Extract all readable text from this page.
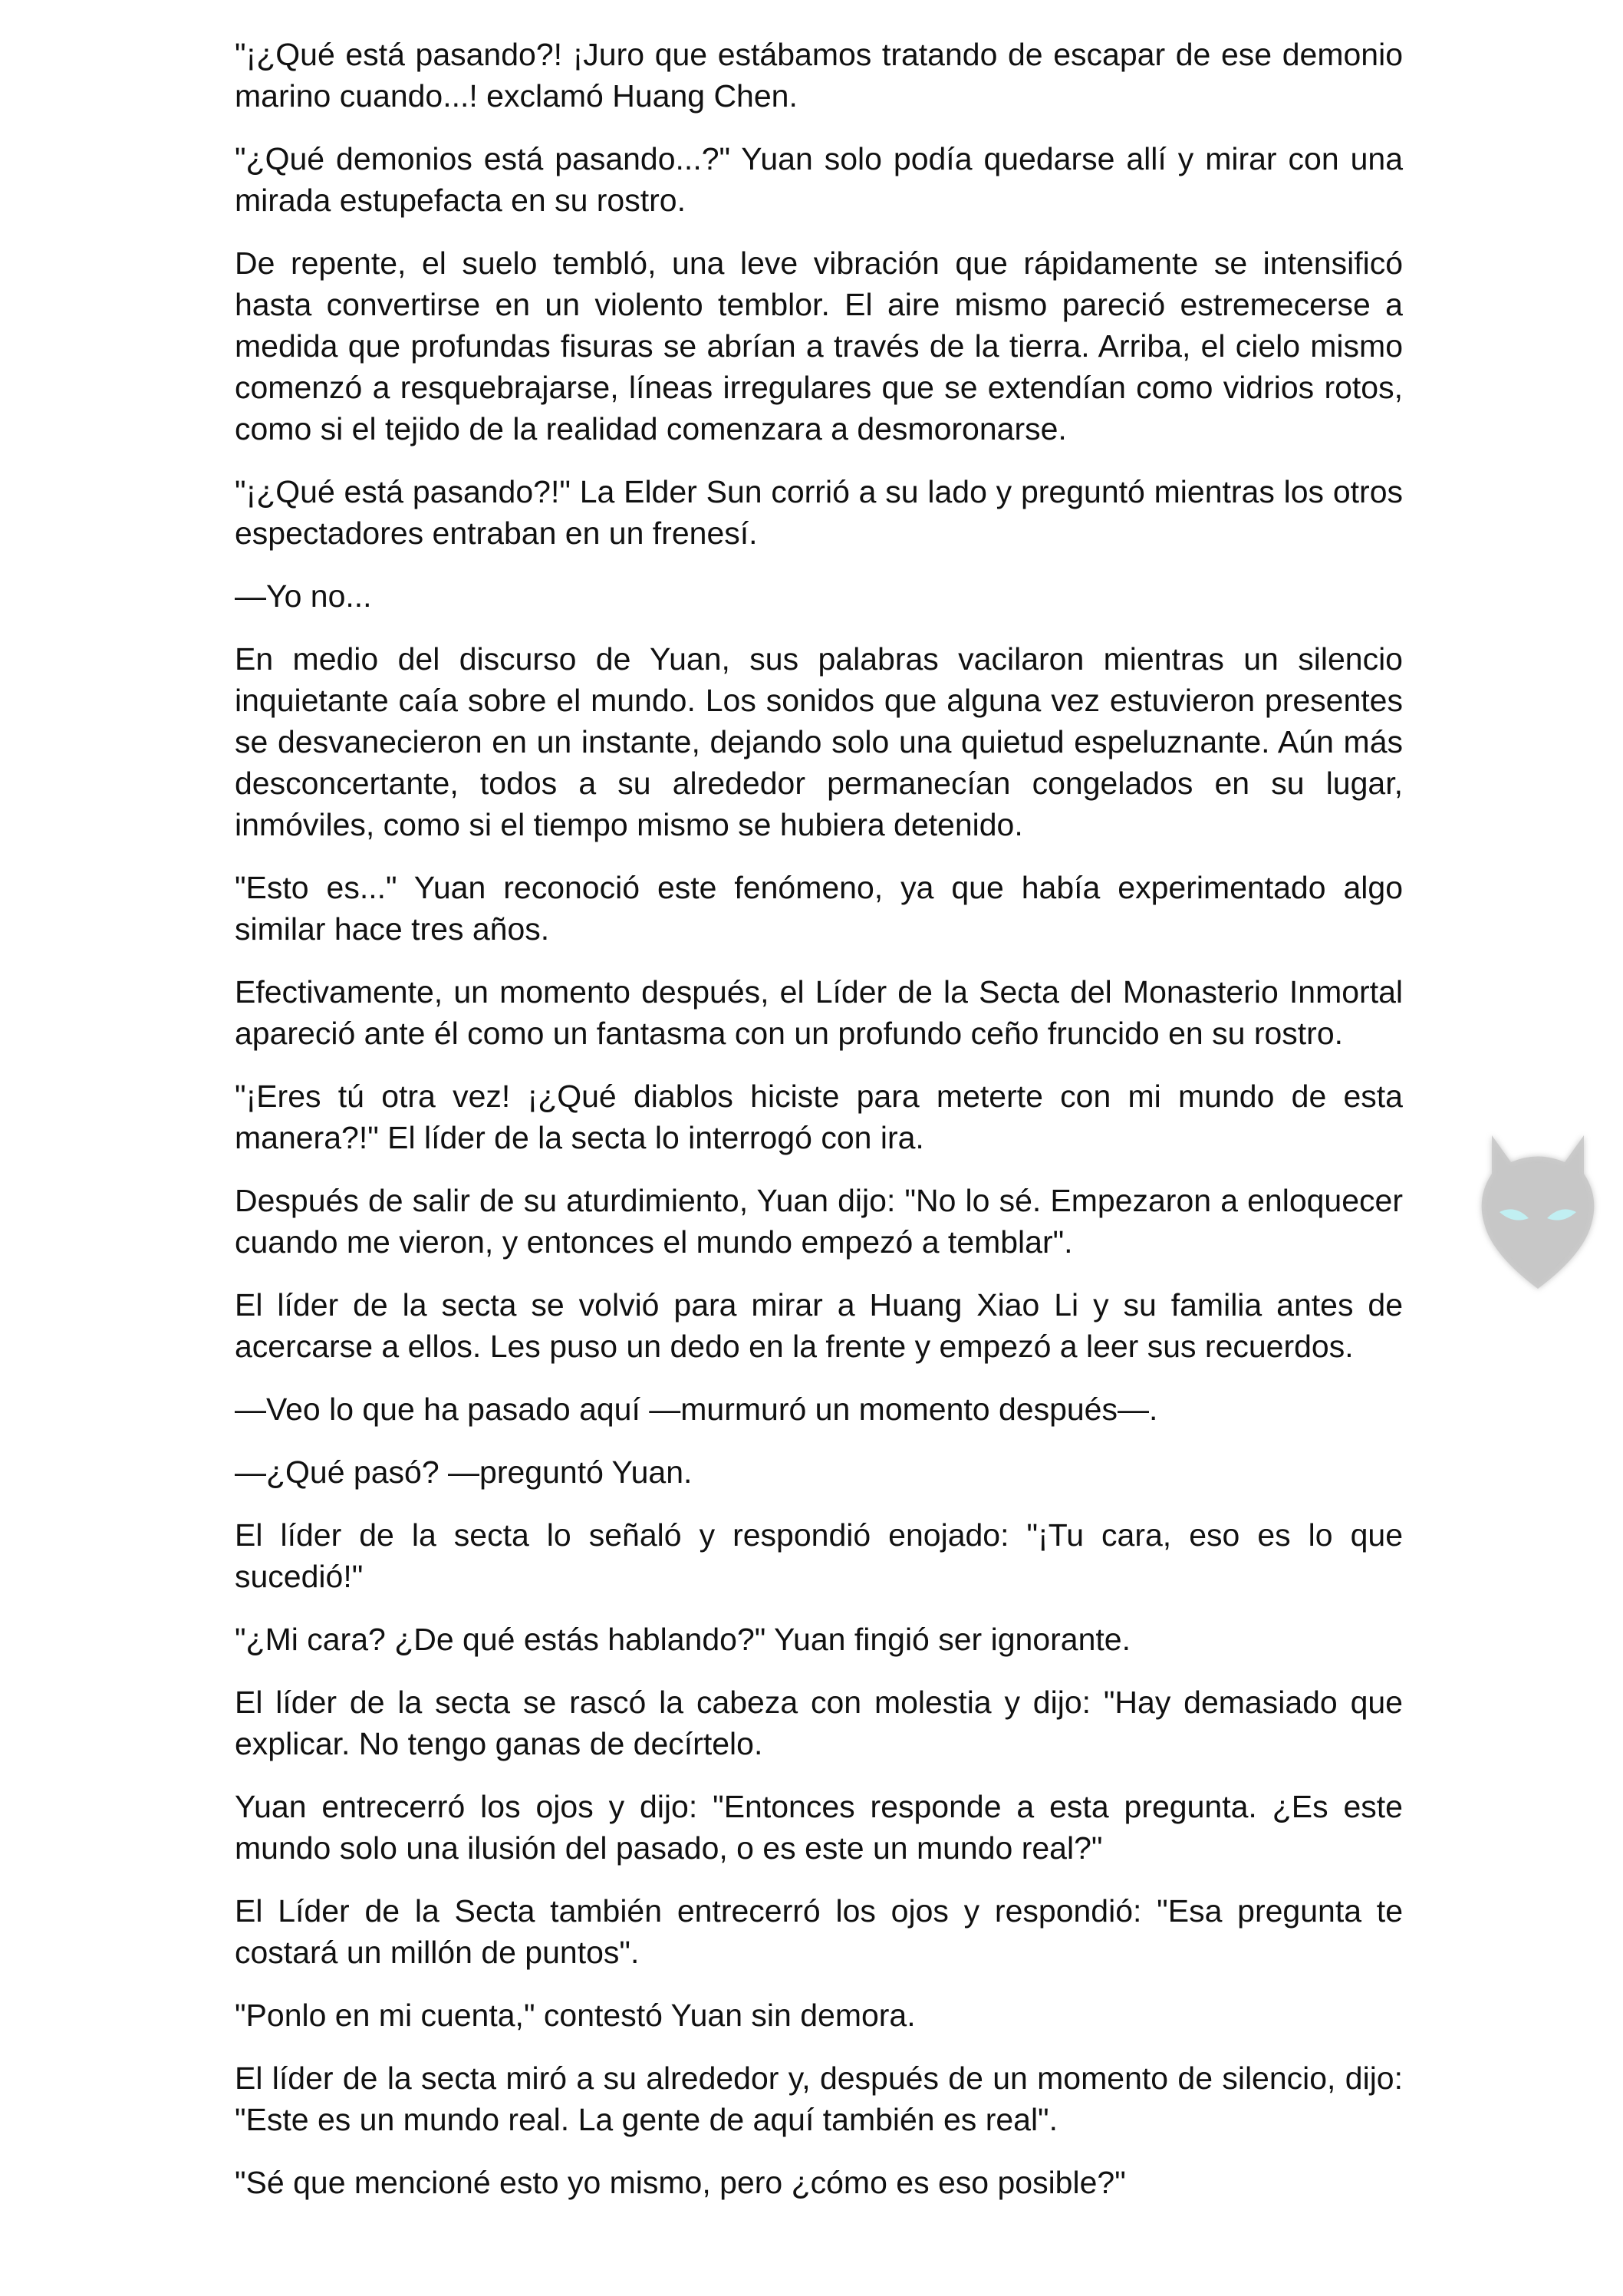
"¡¿Qué está pasando?! ¡Juro que estábamos tratando de escapar de ese demonio marino cuando...! exclamó Huang Chen.

"¿Qué demonios está pasando...?" Yuan solo podía quedarse allí y mirar con una mirada estupefacta en su rostro.

De repente, el suelo tembló, una leve vibración que rápidamente se intensificó hasta convertirse en un violento temblor. El aire mismo pareció estremecerse a medida que profundas fisuras se abrían a través de la tierra. Arriba, el cielo mismo comenzó a resquebrajarse, líneas irregulares que se extendían como vidrios rotos, como si el tejido de la realidad comenzara a desmoronarse.

"¡¿Qué está pasando?!" La Elder Sun corrió a su lado y preguntó mientras los otros espectadores entraban en un frenesí.

—Yo no...

En medio del discurso de Yuan, sus palabras vacilaron mientras un silencio inquietante caía sobre el mundo. Los sonidos que alguna vez estuvieron presentes se desvanecieron en un instante, dejando solo una quietud espeluznante. Aún más desconcertante, todos a su alrededor permanecían congelados en su lugar, inmóviles, como si el tiempo mismo se hubiera detenido.

"Esto es..." Yuan reconoció este fenómeno, ya que había experimentado algo similar hace tres años.

Efectivamente, un momento después, el Líder de la Secta del Monasterio Inmortal apareció ante él como un fantasma con un profundo ceño fruncido en su rostro.

"¡Eres tú otra vez! ¡¿Qué diablos hiciste para meterte con mi mundo de esta manera?!" El líder de la secta lo interrogó con ira.

Después de salir de su aturdimiento, Yuan dijo: "No lo sé. Empezaron a enloquecer cuando me vieron, y entonces el mundo empezó a temblar".

El líder de la secta se volvió para mirar a Huang Xiao Li y su familia antes de acercarse a ellos. Les puso un dedo en la frente y empezó a leer sus recuerdos.

—Veo lo que ha pasado aquí —murmuró un momento después—.

—¿Qué pasó? —preguntó Yuan.

El líder de la secta lo señaló y respondió enojado: "¡Tu cara, eso es lo que sucedió!"

"¿Mi cara? ¿De qué estás hablando?" Yuan fingió ser ignorante.

El líder de la secta se rascó la cabeza con molestia y dijo: "Hay demasiado que explicar. No tengo ganas de decírtelo.

Yuan entrecerró los ojos y dijo: "Entonces responde a esta pregunta. ¿Es este mundo solo una ilusión del pasado, o es este un mundo real?"

El Líder de la Secta también entrecerró los ojos y respondió: "Esa pregunta te costará un millón de puntos".

"Ponlo en mi cuenta," contestó Yuan sin demora.

El líder de la secta miró a su alrededor y, después de un momento de silencio, dijo: "Este es un mundo real. La gente de aquí también es real".

"Sé que mencioné esto yo mismo, pero ¿cómo es eso posible?"
